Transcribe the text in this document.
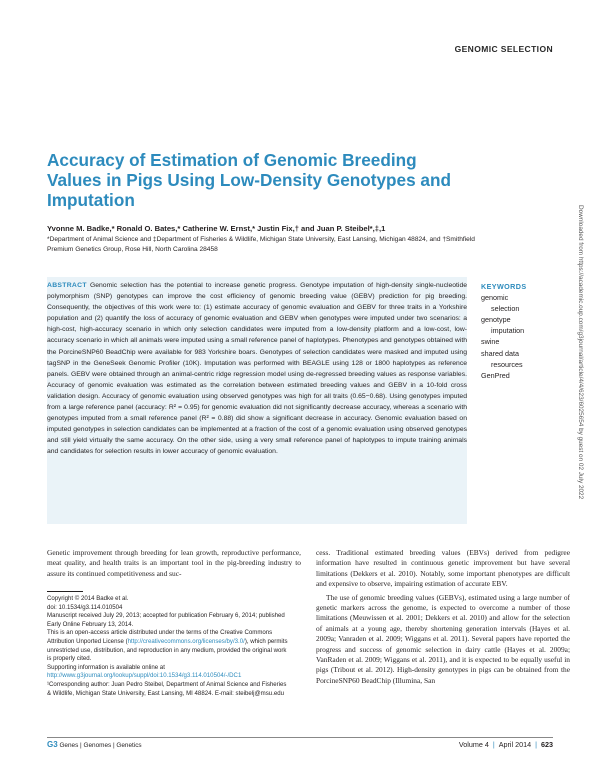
GENOMIC SELECTION
Accuracy of Estimation of Genomic Breeding Values in Pigs Using Low-Density Genotypes and Imputation
Yvonne M. Badke,* Ronald O. Bates,* Catherine W. Ernst,* Justin Fix,† and Juan P. Steibel*,‡,1
*Department of Animal Science and ‡Department of Fisheries & Wildlife, Michigan State University, East Lansing, Michigan 48824, and †Smithfield Premium Genetics Group, Rose Hill, North Carolina 28458
ABSTRACT Genomic selection has the potential to increase genetic progress. Genotype imputation of high-density single-nucleotide polymorphism (SNP) genotypes can improve the cost efficiency of genomic breeding value (GEBV) prediction for pig breeding. Consequently, the objectives of this work were to: (1) estimate accuracy of genomic evaluation and GEBV for three traits in a Yorkshire population and (2) quantify the loss of accuracy of genomic evaluation and GEBV when genotypes were imputed under two scenarios: a high-cost, high-accuracy scenario in which only selection candidates were imputed from a low-density platform and a low-cost, low-accuracy scenario in which all animals were imputed using a small reference panel of haplotypes. Phenotypes and genotypes obtained with the PorcineSNP60 BeadChip were available for 983 Yorkshire boars. Genotypes of selection candidates were masked and imputed using tagSNP in the GeneSeek Genomic Profiler (10K). Imputation was performed with BEAGLE using 128 or 1800 haplotypes as reference panels. GEBV were obtained through an animal-centric ridge regression model using de-regressed breeding values as response variables. Accuracy of genomic evaluation was estimated as the correlation between estimated breeding values and GEBV in a 10-fold cross validation design. Accuracy of genomic evaluation using observed genotypes was high for all traits (0.65−0.68). Using genotypes imputed from a large reference panel (accuracy: R² = 0.95) for genomic evaluation did not significantly decrease accuracy, whereas a scenario with genotypes imputed from a small reference panel (R² = 0.88) did show a significant decrease in accuracy. Genomic evaluation based on imputed genotypes in selection candidates can be implemented at a fraction of the cost of a genomic evaluation using observed genotypes and still yield virtually the same accuracy. On the other side, using a very small reference panel of haplotypes to impute training animals and candidates for selection results in lower accuracy of genomic evaluation.
KEYWORDS
genomic
selection
genotype
imputation
swine
shared data
resources
GenPred	Downloaded from https://academic.oup.com/g3journal/article/4/4/623/6025654 by guest on 02 July 2022
Genetic improvement through breeding for lean growth, reproductive performance, meat quality, and health traits is an important tool in the pig-breeding industry to assure its continued competitiveness and suc-

cess. Traditional estimated breeding values (EBVs) derived from pedigree information have resulted in continuous genetic improvement but have several limitations (Dekkers et al. 2010). Notably, some important phenotypes are difficult and expensive to observe, impairing estimation of accurate EBV.

The use of genomic breeding values (GEBVs), estimated using a large number of genetic markers across the genome, is expected to overcome a number of those limitations (Meuwissen et al. 2001; Dekkers et al. 2010) and allow for the selection of animals at a young age, thereby shortening generation intervals (Hayes et al. 2009a; Vanraden et al. 2009; Wiggans et al. 2011). Several papers have reported the progress and success of genomic selection in dairy cattle (Hayes et al. 2009a; VanRaden et al. 2009; Wiggans et al. 2011), and it is expected to be equally useful in pigs (Tribout et al. 2012). High-density genotypes in pigs can be obtained from the PorcineSNP60 BeadChip (Illumina, San

Copyright © 2014 Badke et al.

doi: 10.1534/g3.114.010504

Manuscript received July 29, 2013; accepted for publication February 6, 2014; published Early Online February 13, 2014.

This is an open-access article distributed under the terms of the Creative Commons Attribution Unported License (http://creativecommons.org/licenses/by/3.0/), which permits unrestricted use, distribution, and reproduction in any medium, provided the original work is properly cited.

Supporting information is available online at http://www.g3journal.org/lookup/suppl/doi:10.1534/g3.114.010504/-/DC1

¹Corresponding author: Juan Pedro Steibel, Department of Animal Science and Fisheries & Wildlife, Michigan State University, East Lansing, MI 48824. E-mail: steibelj@msu.edu

G3 Genes | Genomes | Genetics	Volume 4 | April 2014 | 623
